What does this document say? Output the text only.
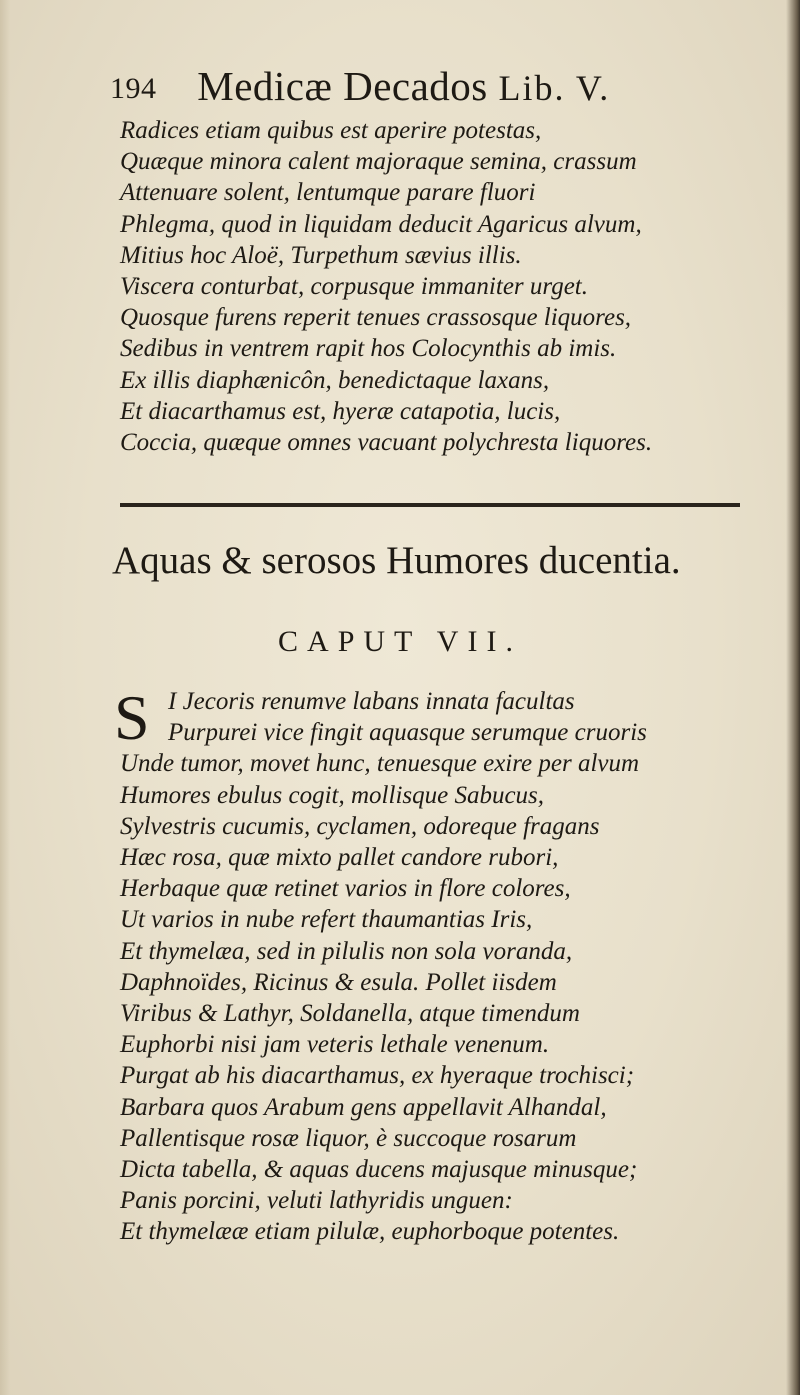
194 Medicæ Decados Lib. V.
Radices etiam quibus est aperire potestas,
Quæque minora calent majoraque semina, crassum
Attenuare solent, lentumque parare fluori
Phlegma, quod in liquidam deducit Agaricus alvum,
Mitius hoc Aloë, Turpethum sævius illis.
Viscera conturbat, corpusque immaniter urget.
Quosque furens reperit tenues crassosque liquores,
Sedibus in ventrem rapit hos Colocynthis ab imis.
Ex illis diaphænicôn, benedictaque laxans,
Et diacarthamus est, hyeræ catapotia, lucis,
Coccia, quæque omnes vacuant polychresta liquores.
Aquas & serosos Humores ducentia.
CAPUT VII.
S I Jecoris renumve labans innata facultas
Purpurei vice fingit aquasque serumque cruoris
Unde tumor, movet hunc, tenuesque exire per alvum
Humores ebulus cogit, mollisque Sabucus,
Sylvestris cucumis, cyclamen, odoreque fragans
Hæc rosa, quæ mixto pallet candore rubori,
Herbaque quæ retinet varios in flore colores,
Ut varios in nube refert thaumantias Iris,
Et thymelæa, sed in pilulis non sola voranda,
Daphnoïdes, Ricinus & esula. Pollet iisdem
Viribus & Lathyr, Soldanella, atque timendum
Euphorbi nisi jam veteris lethale venenum.
Purgat ab his diacarthamus, ex hyeraque trochisci;
Barbara quos Arabum gens appellavit Alhandal,
Pallentisque rosæ liquor, è succoque rosarum
Dicta tabella, & aquas ducens majusque minusque;
Panis porcini, veluti lathyridis unguen:
Et thymelææ etiam pilulæ, euphorboque potentes.
